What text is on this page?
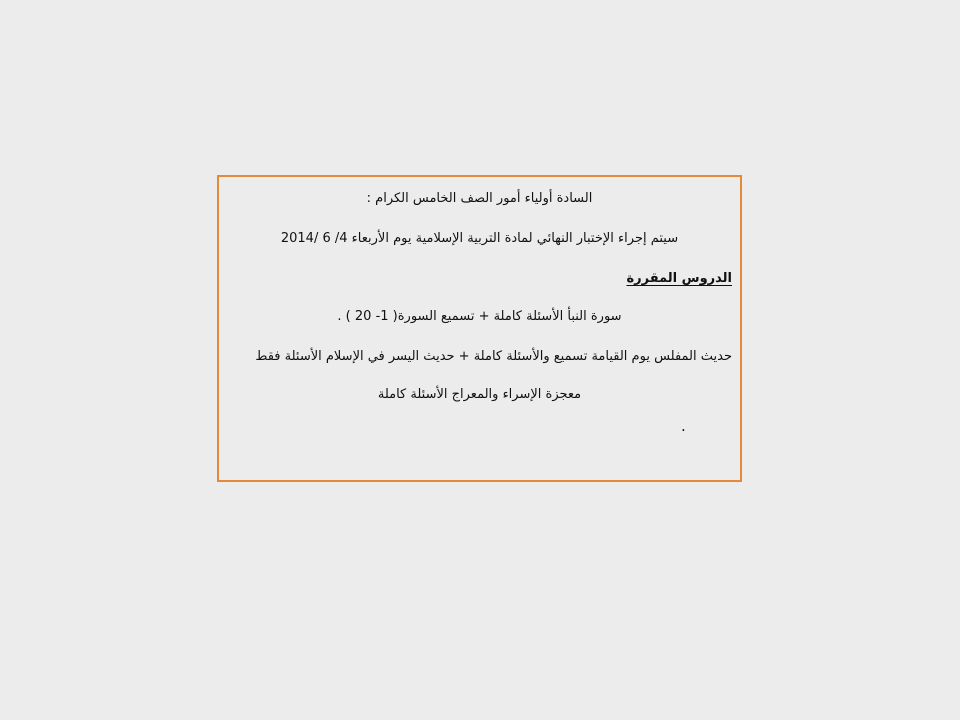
السادة أولياء أمور الصف الخامس الكرام :
سيتم إجراء الإختبار النهائي لمادة التربية الإسلامية يوم الأربعاء 4/ 6 /2014
الدروس المقررة
سورة النبأ الأسئلة كاملة + تسميع السورة( 1- 20 ) .
حديث المفلس يوم القيامة تسميع والأسئلة كاملة + حديث اليسر في الإسلام الأسئلة فقط
معجزة الإسراء والمعراج الأسئلة كاملة
.
